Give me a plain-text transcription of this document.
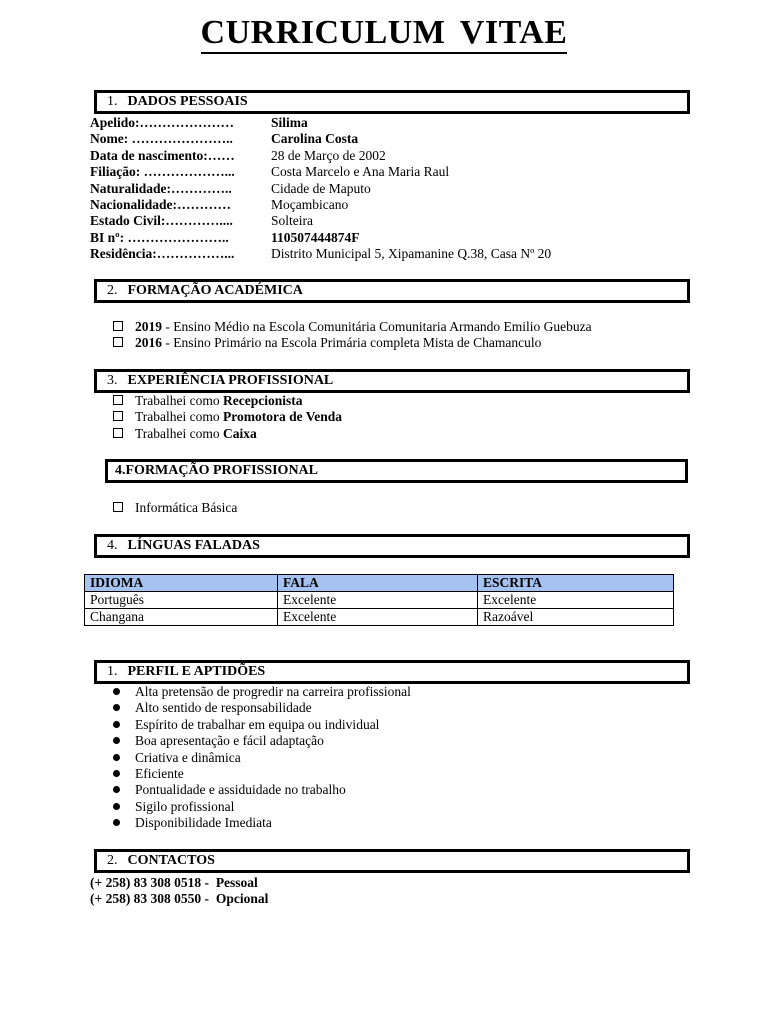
CURRICULUM VITAE
1. DADOS PESSOAIS
Apelido:…………………	Silima
Nome: …………………..	Carolina Costa
Data de nascimento:……	28 de Março de 2002
Filiação: ………………...	Costa Marcelo e Ana Maria Raul
Naturalidade:…………..	Cidade de Maputo
Nacionalidade:…………	Moçambicano
Estado Civil:…………....	Solteira
BI nº: …………………..	110507444874F
Residência:……………...	Distrito Municipal 5, Xipamanine Q.38, Casa Nº 20
2. FORMAÇÃO ACADÉMICA
2019 - Ensino Médio na Escola Comunitária Comunitaria Armando Emilio Guebuza
2016 - Ensino Primário na Escola Primária completa Mista de Chamanculo
3. EXPERIÊNCIA PROFISSIONAL
Trabalhei como Recepcionista
Trabalhei como Promotora de Venda
Trabalhei como Caixa
4.FORMAÇÃO PROFISSIONAL
Informática Básica
4. LÍNGUAS FALADAS
IDIOMA	FALA	ESCRITA
Português	Excelente	Excelente
Changana	Excelente	Razoável
1. PERFIL E APTIDÕES
Alta pretensão de progredir na carreira profissional
Alto sentido de responsabilidade
Espírito de trabalhar em equipa ou individual
Boa apresentação e fácil adaptação
Criativa e dinâmica
Eficiente
Pontualidade e assiduidade no trabalho
Sigilo profissional
Disponibilidade Imediata
2. CONTACTOS
(+ 258) 83 308 0518 -  Pessoal
(+ 258) 83 308 0550 -  Opcional
